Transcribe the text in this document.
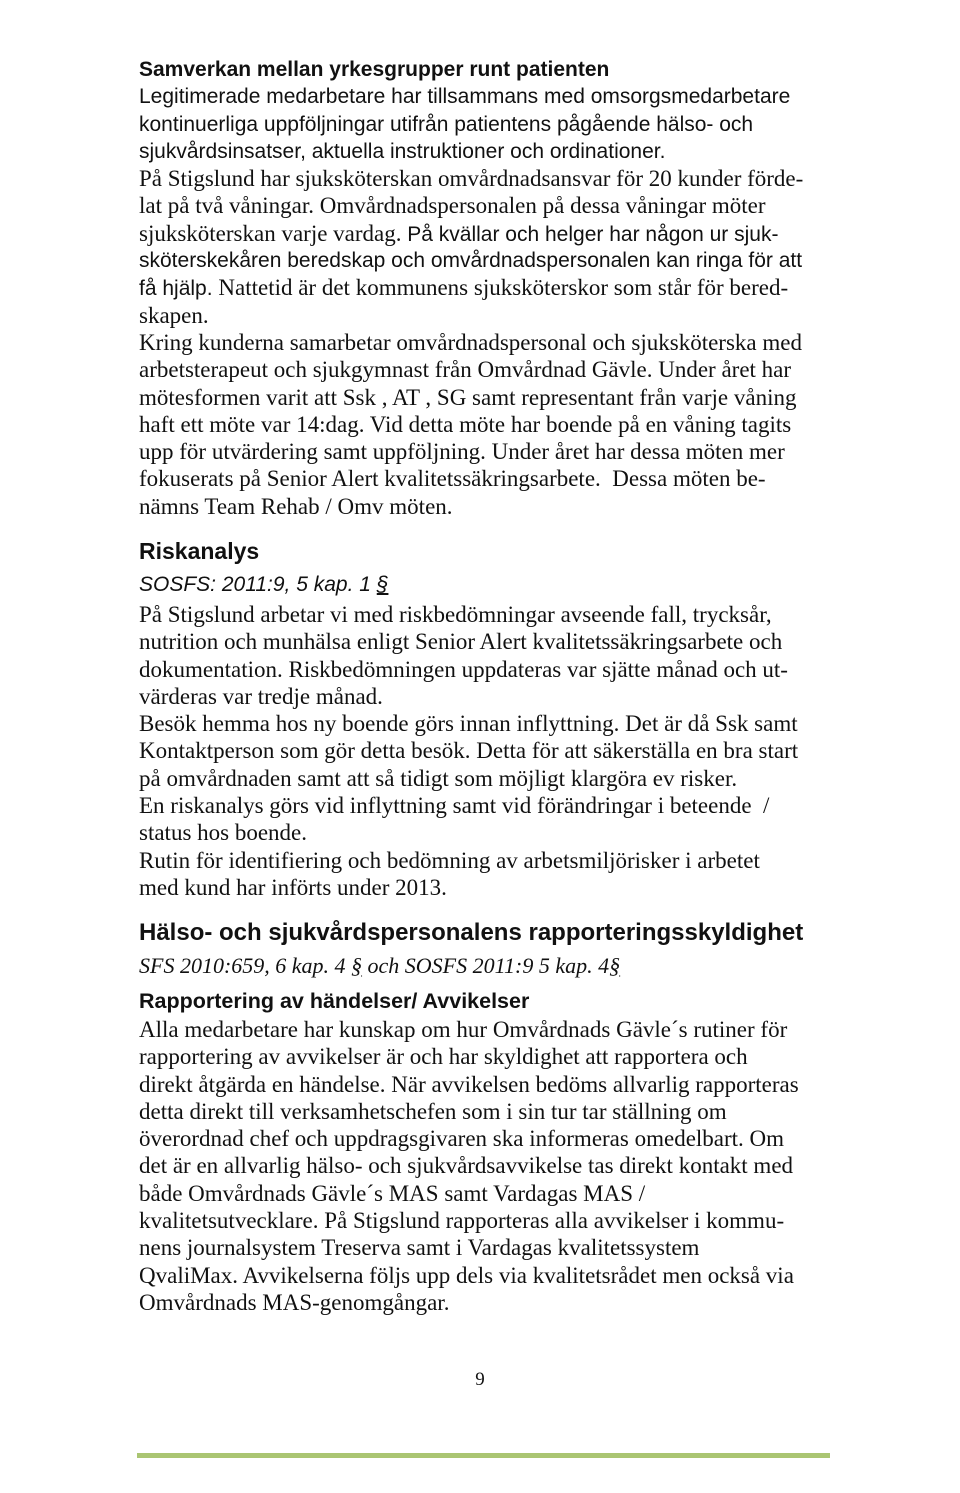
Samverkan mellan yrkesgrupper runt patienten
Legitimerade medarbetare har tillsammans med omsorgsmedarbetare
kontinuerliga uppföljningar utifrån patientens pågående hälso- och
sjukvårdsinsatser, aktuella instruktioner och ordinationer.
På Stigslund har sjuksköterskan omvårdnadsansvar för 20 kunder förde-
lat på två våningar. Omvårdnadspersonalen på dessa våningar möter
sjuksköterskan varje vardag. På kvällar och helger har någon ur sjuk-
sköterskekåren beredskap och omvårdnadspersonalen kan ringa för att
få hjälp. Nattetid är det kommunens sjuksköterskor som står för bered-
skapen.
Kring kunderna samarbetar omvårdnadspersonal och sjuksköterska med
arbetsterapeut och sjukgymnast från Omvårdnad Gävle. Under året har
mötesformen varit att Ssk , AT , SG samt representant från varje våning
haft ett möte var 14:dag. Vid detta möte har boende på en våning tagits
upp för utvärdering samt uppföljning. Under året har dessa möten mer
fokuserats på Senior Alert kvalitetssäkringsarbete.  Dessa möten be-
nämns Team Rehab / Omv möten.
Riskanalys
SOSFS: 2011:9, 5 kap. 1 §
På Stigslund arbetar vi med riskbedömningar avseende fall, trycksår,
nutrition och munhälsa enligt Senior Alert kvalitetssäkringsarbete och
dokumentation. Riskbedömningen uppdateras var sjätte månad och ut-
värderas var tredje månad.
Besök hemma hos ny boende görs innan inflyttning. Det är då Ssk samt
Kontaktperson som gör detta besök. Detta för att säkerställa en bra start
på omvårdnaden samt att så tidigt som möjligt klargöra ev risker.
En riskanalys görs vid inflyttning samt vid förändringar i beteende  /
status hos boende.
Rutin för identifiering och bedömning av arbetsmiljörisker i arbetet
med kund har införts under 2013.
Hälso- och sjukvårdspersonalens rapporteringsskyldighet
SFS 2010:659, 6 kap. 4 § och SOSFS 2011:9 5 kap. 4§
Rapportering av händelser/ Avvikelser
Alla medarbetare har kunskap om hur Omvårdnads Gävle´s rutiner för
rapportering av avvikelser är och har skyldighet att rapportera och
direkt åtgärda en händelse. När avvikelsen bedöms allvarlig rapporteras
detta direkt till verksamhetschefen som i sin tur tar ställning om
överordnad chef och uppdragsgivaren ska informeras omedelbart. Om
det är en allvarlig hälso- och sjukvårdsavvikelse tas direkt kontakt med
både Omvårdnads Gävle´s MAS samt Vardagas MAS /
kvalitetsutvecklare. På Stigslund rapporteras alla avvikelser i kommu-
nens journalsystem Treserva samt i Vardagas kvalitetssystem
QvaliMax. Avvikelserna följs upp dels via kvalitetsrådet men också via
Omvårdnads MAS-genomgångar.
9
